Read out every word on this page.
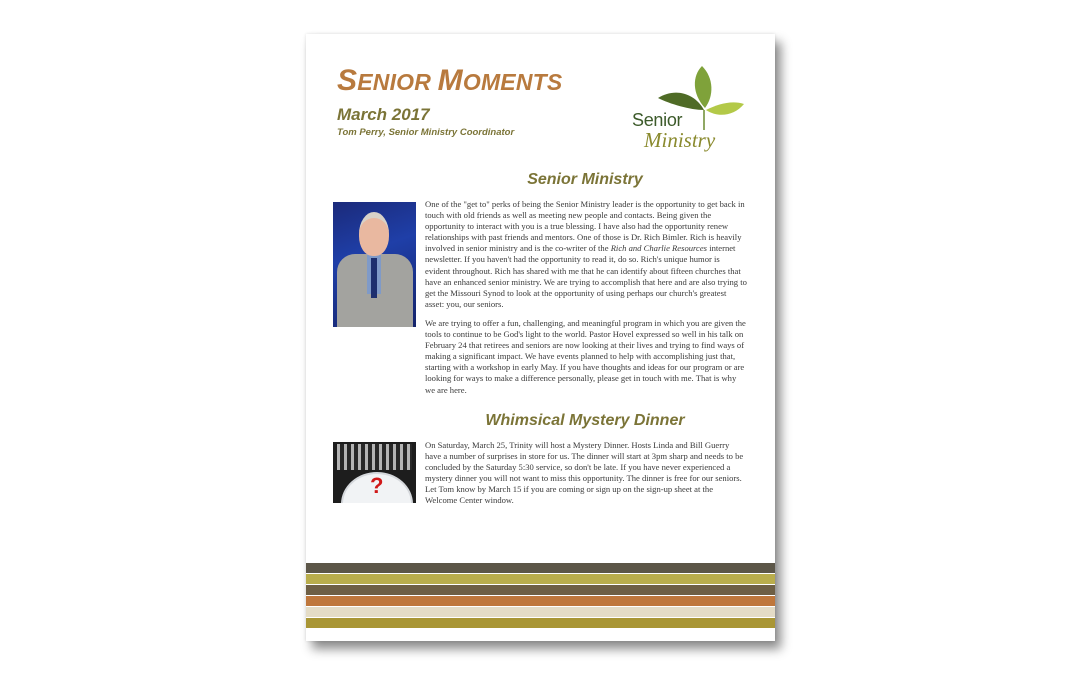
SENIOR MOMENTS
March 2017
Tom Perry, Senior Ministry Coordinator
Senior
Ministry
Senior Ministry

One of the "get to" perks of being the Senior Ministry leader is the opportunity to get back in touch with old friends as well as meeting new people and contacts. Being given the opportunity to interact with you is a true blessing. I have also had the opportunity renew relationships with past friends and mentors. One of those is Dr. Rich Bimler. Rich is heavily involved in senior ministry and is the co-writer of the Rich and Charlie Resources internet newsletter. If you haven't had the opportunity to read it, do so. Rich's unique humor is evident throughout. Rich has shared with me that he can identify about fifteen churches that have an enhanced senior ministry. We are trying to accomplish that here and are also trying to get the Missouri Synod to look at the opportunity of using perhaps our church's greatest asset: you, our seniors.

We are trying to offer a fun, challenging, and meaningful program in which you are given the tools to continue to be God's light to the world. Pastor Hovel expressed so well in his talk on February 24 that retirees and seniors are now looking at their lives and trying to find ways of making a significant impact. We have events planned to help with accomplishing just that, starting with a workshop in early May. If you have thoughts and ideas for our program or are looking for ways to make a difference personally, please get in touch with me. That is why we are here.

Whimsical Mystery Dinner
?

On Saturday, March 25, Trinity will host a Mystery Dinner. Hosts Linda and Bill Guerry have a number of surprises in store for us. The dinner will start at 3pm sharp and needs to be concluded by the Saturday 5:30 service, so don't be late. If you have never experienced a mystery dinner you will not want to miss this opportunity. The dinner is free for our seniors. Let Tom know by March 15 if you are coming or sign up on the sign-up sheet at the Welcome Center window.
